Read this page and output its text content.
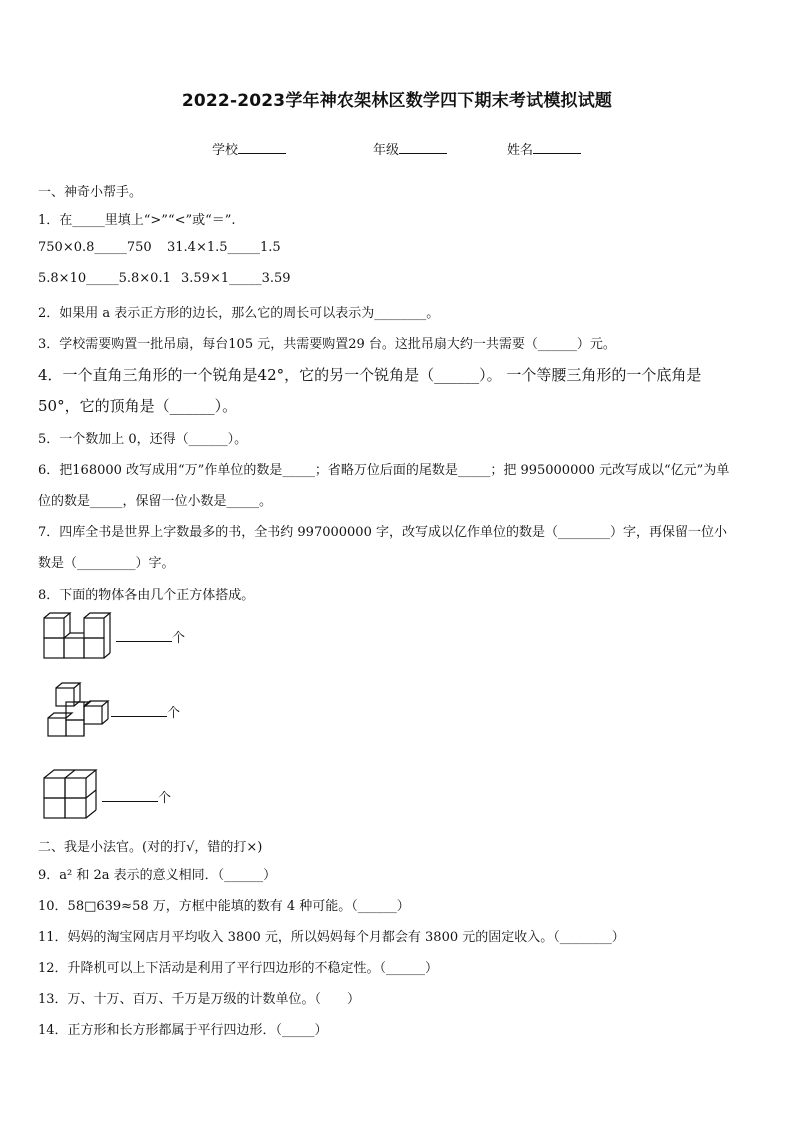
2022-2023学年神农架林区数学四下期末考试模拟试题
学校	年级	姓名
一、神奇小帮手。
1．在_____里填上“>”“<”或“＝”.
750×0.8_____750 31.4×1.5_____1.5
5.8×10_____5.8×0.1 3.59×1_____3.59
2．如果用 a 表示正方形的边长，那么它的周长可以表示为________。
3．学校需要购置一批吊扇，每台105 元，共需要购置29 台。这批吊扇大约一共需要（______）元。
4．一个直角三角形的一个锐角是42°，它的另一个锐角是（______）。 一个等腰三角形的一个底角是
50°，它的顶角是（______）。
5．一个数加上 0，还得（______）。
6．把168000 改写成用“万”作单位的数是_____；省略万位后面的尾数是_____；把 995000000 元改写成以“亿元”为单
位的数是_____，保留一位小数是_____。
7．四库全书是世界上字数最多的书，全书约 997000000 字，改写成以亿作单位的数是（________）字，再保留一位小
数是（_________）字。
8．下面的物体各由几个正方体搭成。
个
个
个
二、我是小法官。(对的打√，错的打×)
9．a² 和 2a 表示的意义相同．（______）
10．58□639≈58 万，方框中能填的数有 4 种可能。（______）
11．妈妈的淘宝网店月平均收入 3800 元，所以妈妈每个月都会有 3800 元的固定收入。（________）
12．升降机可以上下活动是利用了平行四边形的不稳定性。（______）
13．万、十万、百万、千万是万级的计数单位。（　　）
14．正方形和长方形都属于平行四边形．（_____）
